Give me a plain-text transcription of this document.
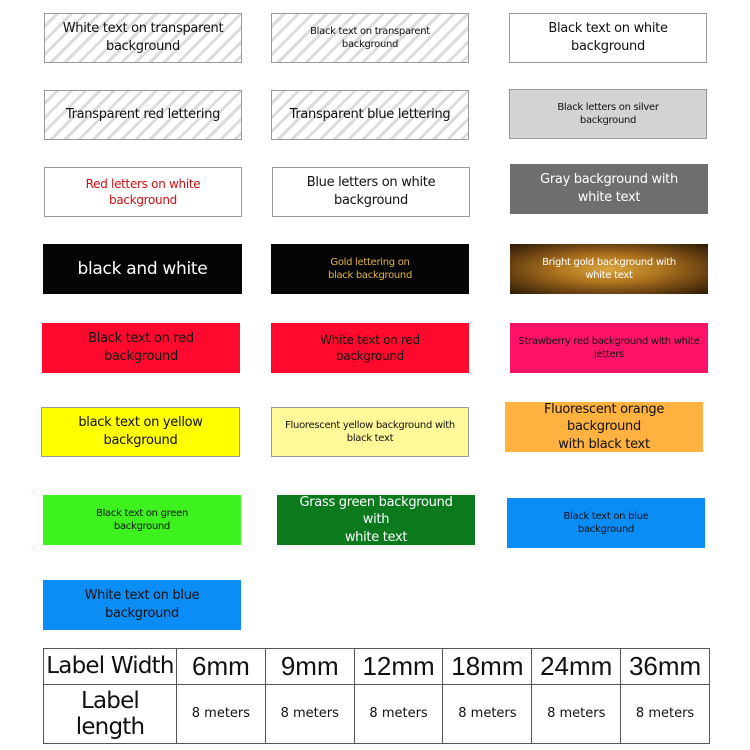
White text on transparent
background
Black text on transparent
background
Black text on white
background
Transparent red lettering	Transparent blue lettering
Black letters on silver
background
Red letters on white
background
Blue letters on white
background
Gray background with
white text
black and white	Gold lettering on
black background
Bright gold background with
white text
Black text on red
background
White text on red
background
Strawberry red background with white
letters
black text on yellow
background
Fluorescent yellow background with
black text
Fluorescent orange background
with black text
Black text on green
background
Grass green background with
white text
Black text on blue
background
White text on blue
background
Label Width	6mm	9mm	12mm	18mm	24mm	36mm
Label length	8 meters	8 meters	8 meters	8 meters	8 meters	8 meters
